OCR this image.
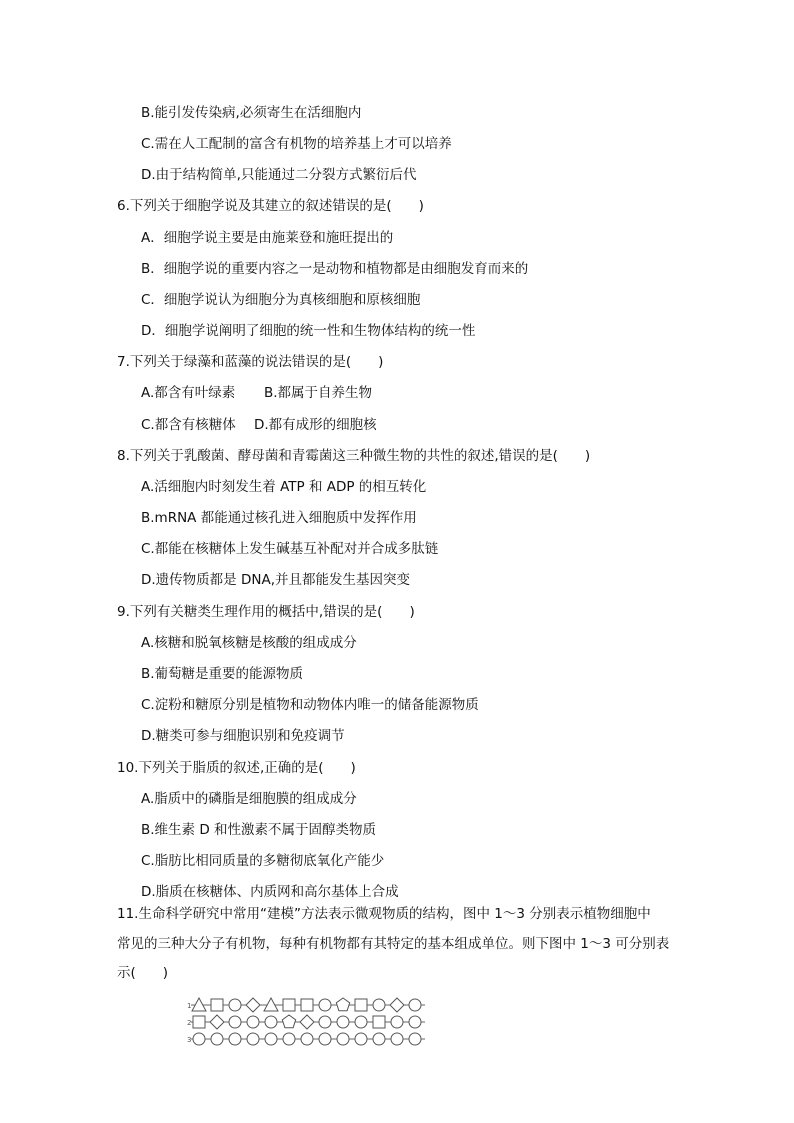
B.能引发传染病,必须寄生在活细胞内
C.需在人工配制的富含有机物的培养基上才可以培养
D.由于结构简单,只能通过二分裂方式繁衍后代
6.下列关于细胞学说及其建立的叙述错误的是(　　)
A．细胞学说主要是由施莱登和施旺提出的
B．细胞学说的重要内容之一是动物和植物都是由细胞发育而来的
C．细胞学说认为细胞分为真核细胞和原核细胞
D．细胞学说阐明了细胞的统一性和生物体结构的统一性
7.下列关于绿藻和蓝藻的说法错误的是(　　)
A.都含有叶绿素 B.都属于自养生物
C.都含有核糖体 D.都有成形的细胞核
8.下列关于乳酸菌、酵母菌和青霉菌这三种微生物的共性的叙述,错误的是(　　)
A.活细胞内时刻发生着 ATP 和 ADP 的相互转化
B.mRNA 都能通过核孔进入细胞质中发挥作用
C.都能在核糖体上发生碱基互补配对并合成多肽链
D.遗传物质都是 DNA,并且都能发生基因突变
9.下列有关糖类生理作用的概括中,错误的是(　　)
A.核糖和脱氧核糖是核酸的组成成分
B.葡萄糖是重要的能源物质
C.淀粉和糖原分别是植物和动物体内唯一的储备能源物质
D.糖类可参与细胞识别和免疫调节
10.下列关于脂质的叙述,正确的是(　　)
A.脂质中的磷脂是细胞膜的组成成分
B.维生素 D 和性激素不属于固醇类物质
C.脂肪比相同质量的多糖彻底氧化产能少
D.脂质在核糖体、内质网和高尔基体上合成
11.生命科学研究中常用“建模”方法表示微观物质的结构，图中 1～3 分别表示植物细胞中
常见的三种大分子有机物，每种有机物都有其特定的基本组成单位。则下图中 1～3 可分别表
示(　　)
1
2
3
